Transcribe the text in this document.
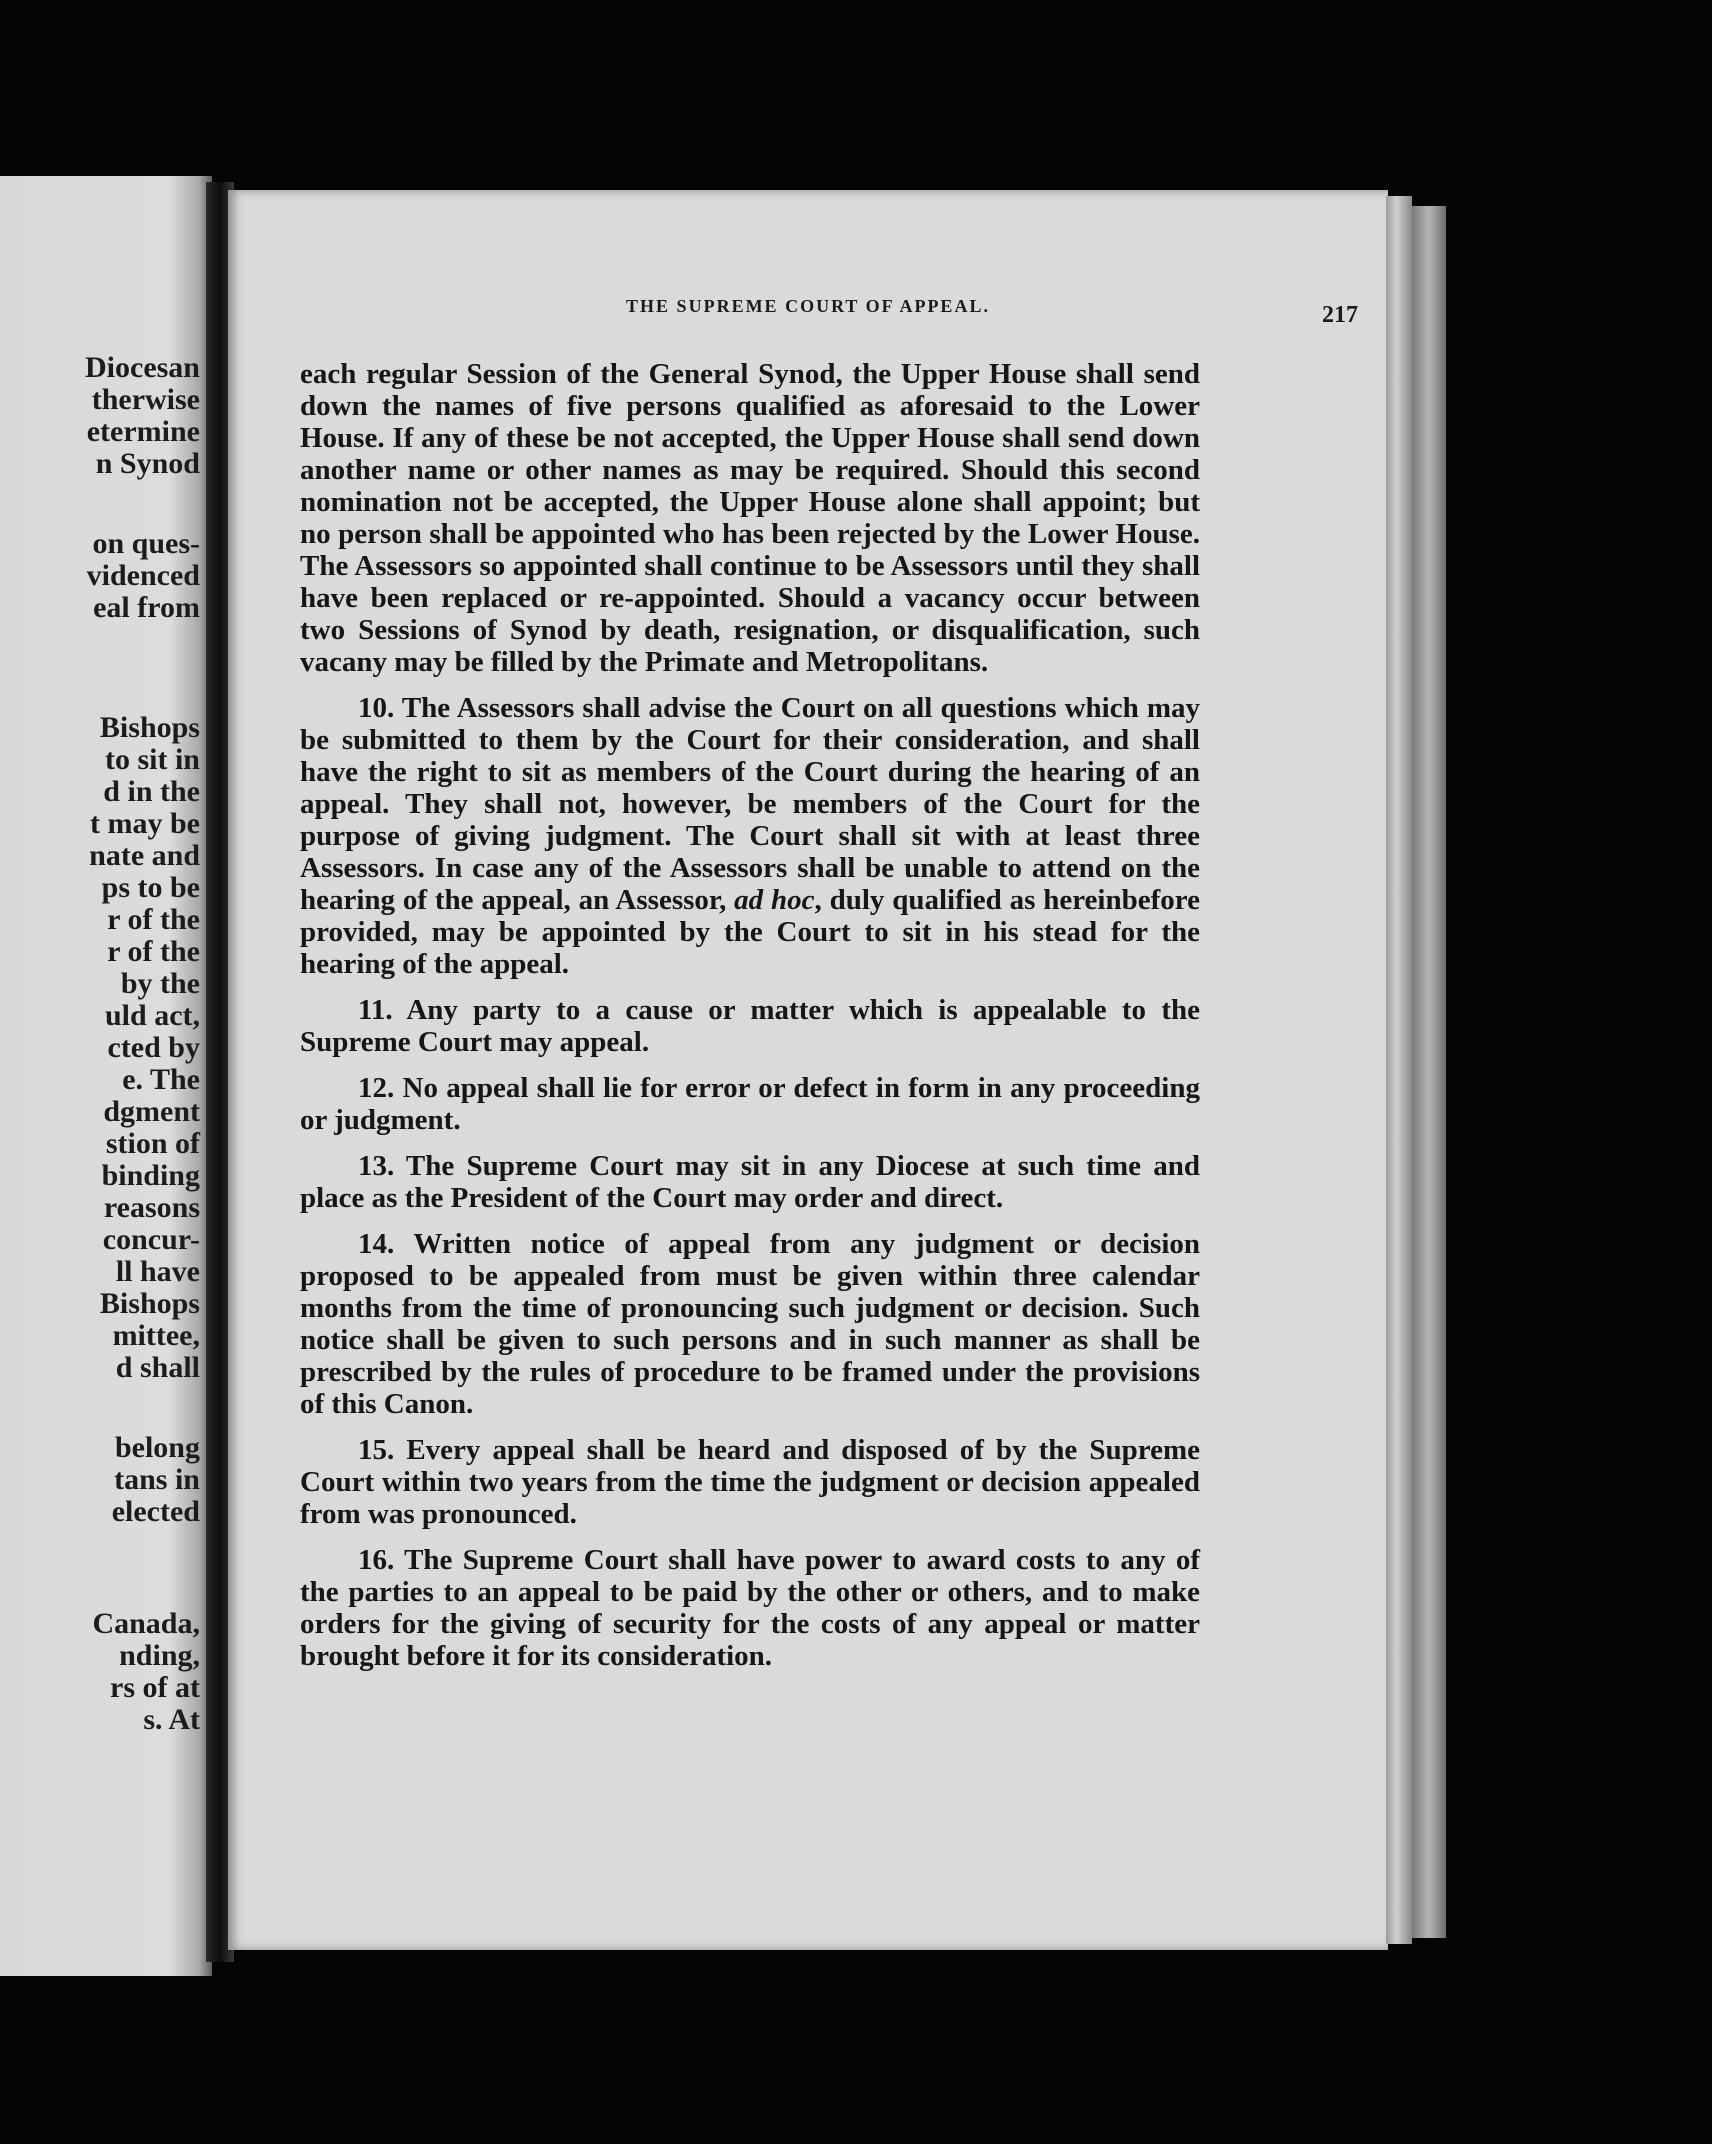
Diocesan
therwise
etermine
n Synod
on ques-
videnced
eal from
Bishops
to sit in
d in the
t may be
nate and
ps to be
r of the
r of the
by the
uld act,
cted by
e. The
dgment
stion of
binding
reasons
concur-
ll have
Bishops
mittee,
d shall
belong
tans in
elected
Canada,
nding,
rs of at
s. At
THE SUPREME COURT OF APPEAL.	217

each regular Session of the General Synod, the Upper House shall send down the names of five persons qualified as aforesaid to the Lower House. If any of these be not accepted, the Upper House shall send down another name or other names as may be required. Should this second nomination not be accepted, the Upper House alone shall appoint; but no person shall be appointed who has been rejected by the Lower House. The Assessors so appointed shall continue to be Assessors until they shall have been replaced or re-appointed. Should a vacancy occur between two Sessions of Synod by death, resignation, or disqualification, such vacany may be filled by the Primate and Metropolitans.

10. The Assessors shall advise the Court on all questions which may be submitted to them by the Court for their consideration, and shall have the right to sit as members of the Court during the hearing of an appeal. They shall not, however, be members of the Court for the purpose of giving judgment. The Court shall sit with at least three Assessors. In case any of the Assessors shall be unable to attend on the hearing of the appeal, an Assessor, ad hoc, duly qualified as hereinbefore provided, may be appointed by the Court to sit in his stead for the hearing of the appeal.

11. Any party to a cause or matter which is appealable to the Supreme Court may appeal.

12. No appeal shall lie for error or defect in form in any proceeding or judgment.

13. The Supreme Court may sit in any Diocese at such time and place as the President of the Court may order and direct.

14. Written notice of appeal from any judgment or decision proposed to be appealed from must be given within three calendar months from the time of pronouncing such judgment or decision. Such notice shall be given to such persons and in such manner as shall be prescribed by the rules of procedure to be framed under the provisions of this Canon.

15. Every appeal shall be heard and disposed of by the Supreme Court within two years from the time the judgment or decision appealed from was pronounced.

16. The Supreme Court shall have power to award costs to any of the parties to an appeal to be paid by the other or others, and to make orders for the giving of security for the costs of any appeal or matter brought before it for its consideration.
